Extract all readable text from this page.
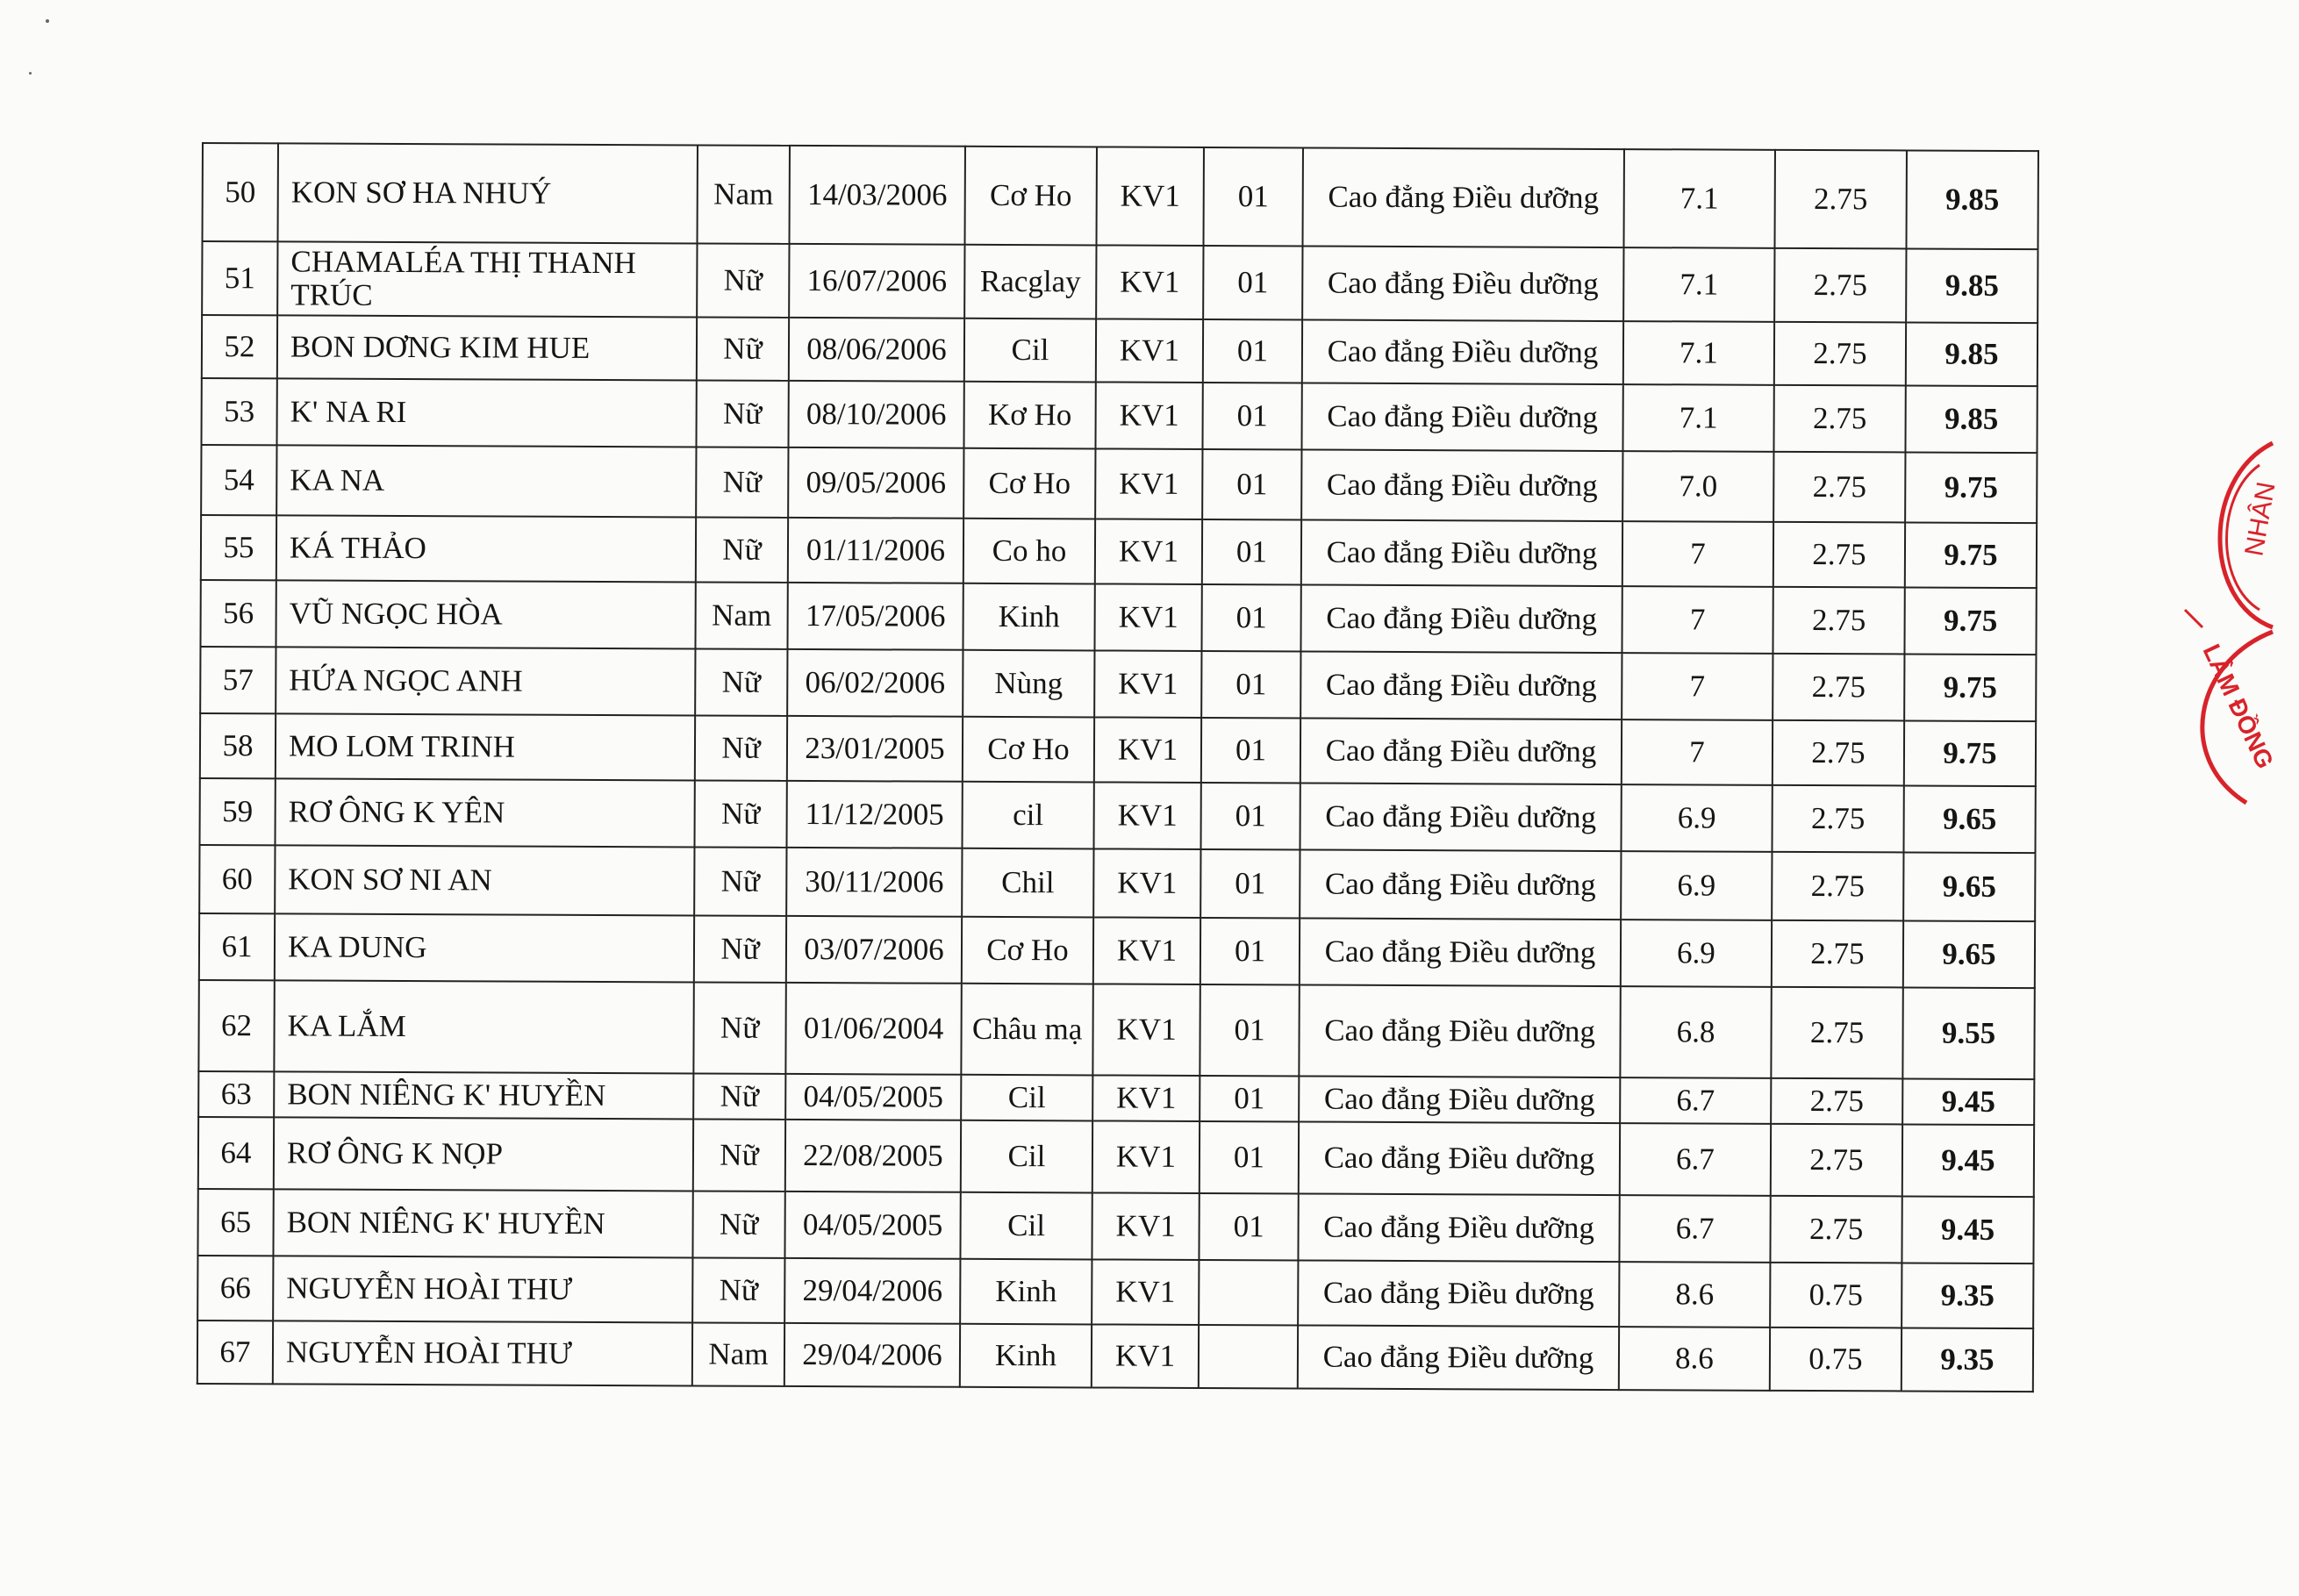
50	KON SƠ HA NHUÝ	Nam	14/03/2006	Cơ Ho	KV1	01	Cao đẳng Điều dưỡng	7.1	2.75	9.85
51	CHAMALÉA THỊ THANH TRÚC	Nữ	16/07/2006	Racglay	KV1	01	Cao đẳng Điều dưỡng	7.1	2.75	9.85
52	BON DƠNG KIM HUE	Nữ	08/06/2006	Cil	KV1	01	Cao đẳng Điều dưỡng	7.1	2.75	9.85
53	K' NA RI	Nữ	08/10/2006	Kơ Ho	KV1	01	Cao đẳng Điều dưỡng	7.1	2.75	9.85
54	KA NA	Nữ	09/05/2006	Cơ Ho	KV1	01	Cao đẳng Điều dưỡng	7.0	2.75	9.75
55	KÁ THẢO	Nữ	01/11/2006	Co ho	KV1	01	Cao đẳng Điều dưỡng	7	2.75	9.75
56	VŨ NGỌC HÒA	Nam	17/05/2006	Kinh	KV1	01	Cao đẳng Điều dưỡng	7	2.75	9.75
57	HỨA NGỌC ANH	Nữ	06/02/2006	Nùng	KV1	01	Cao đẳng Điều dưỡng	7	2.75	9.75
58	MO LOM TRINH	Nữ	23/01/2005	Cơ Ho	KV1	01	Cao đẳng Điều dưỡng	7	2.75	9.75
59	RƠ ÔNG K YÊN	Nữ	11/12/2005	cil	KV1	01	Cao đẳng Điều dưỡng	6.9	2.75	9.65
60	KON SƠ NI AN	Nữ	30/11/2006	Chil	KV1	01	Cao đẳng Điều dưỡng	6.9	2.75	9.65
61	KA DUNG	Nữ	03/07/2006	Cơ Ho	KV1	01	Cao đẳng Điều dưỡng	6.9	2.75	9.65
62	KA LẮM	Nữ	01/06/2004	Châu mạ	KV1	01	Cao đẳng Điều dưỡng	6.8	2.75	9.55
63	BON NIÊNG K' HUYỀN	Nữ	04/05/2005	Cil	KV1	01	Cao đẳng Điều dưỡng	6.7	2.75	9.45
64	RƠ ÔNG K NỌP	Nữ	22/08/2005	Cil	KV1	01	Cao đẳng Điều dưỡng	6.7	2.75	9.45
65	BON NIÊNG K' HUYỀN	Nữ	04/05/2005	Cil	KV1	01	Cao đẳng Điều dưỡng	6.7	2.75	9.45
66	NGUYỄN HOÀI THƯ	Nữ	29/04/2006	Kinh	KV1		Cao đẳng Điều dưỡng	8.6	0.75	9.35
67	NGUYỄN HOÀI THƯ	Nam	29/04/2006	Kinh	KV1		Cao đẳng Điều dưỡng	8.6	0.75	9.35
NHÂN
LÂM ĐỒNG
